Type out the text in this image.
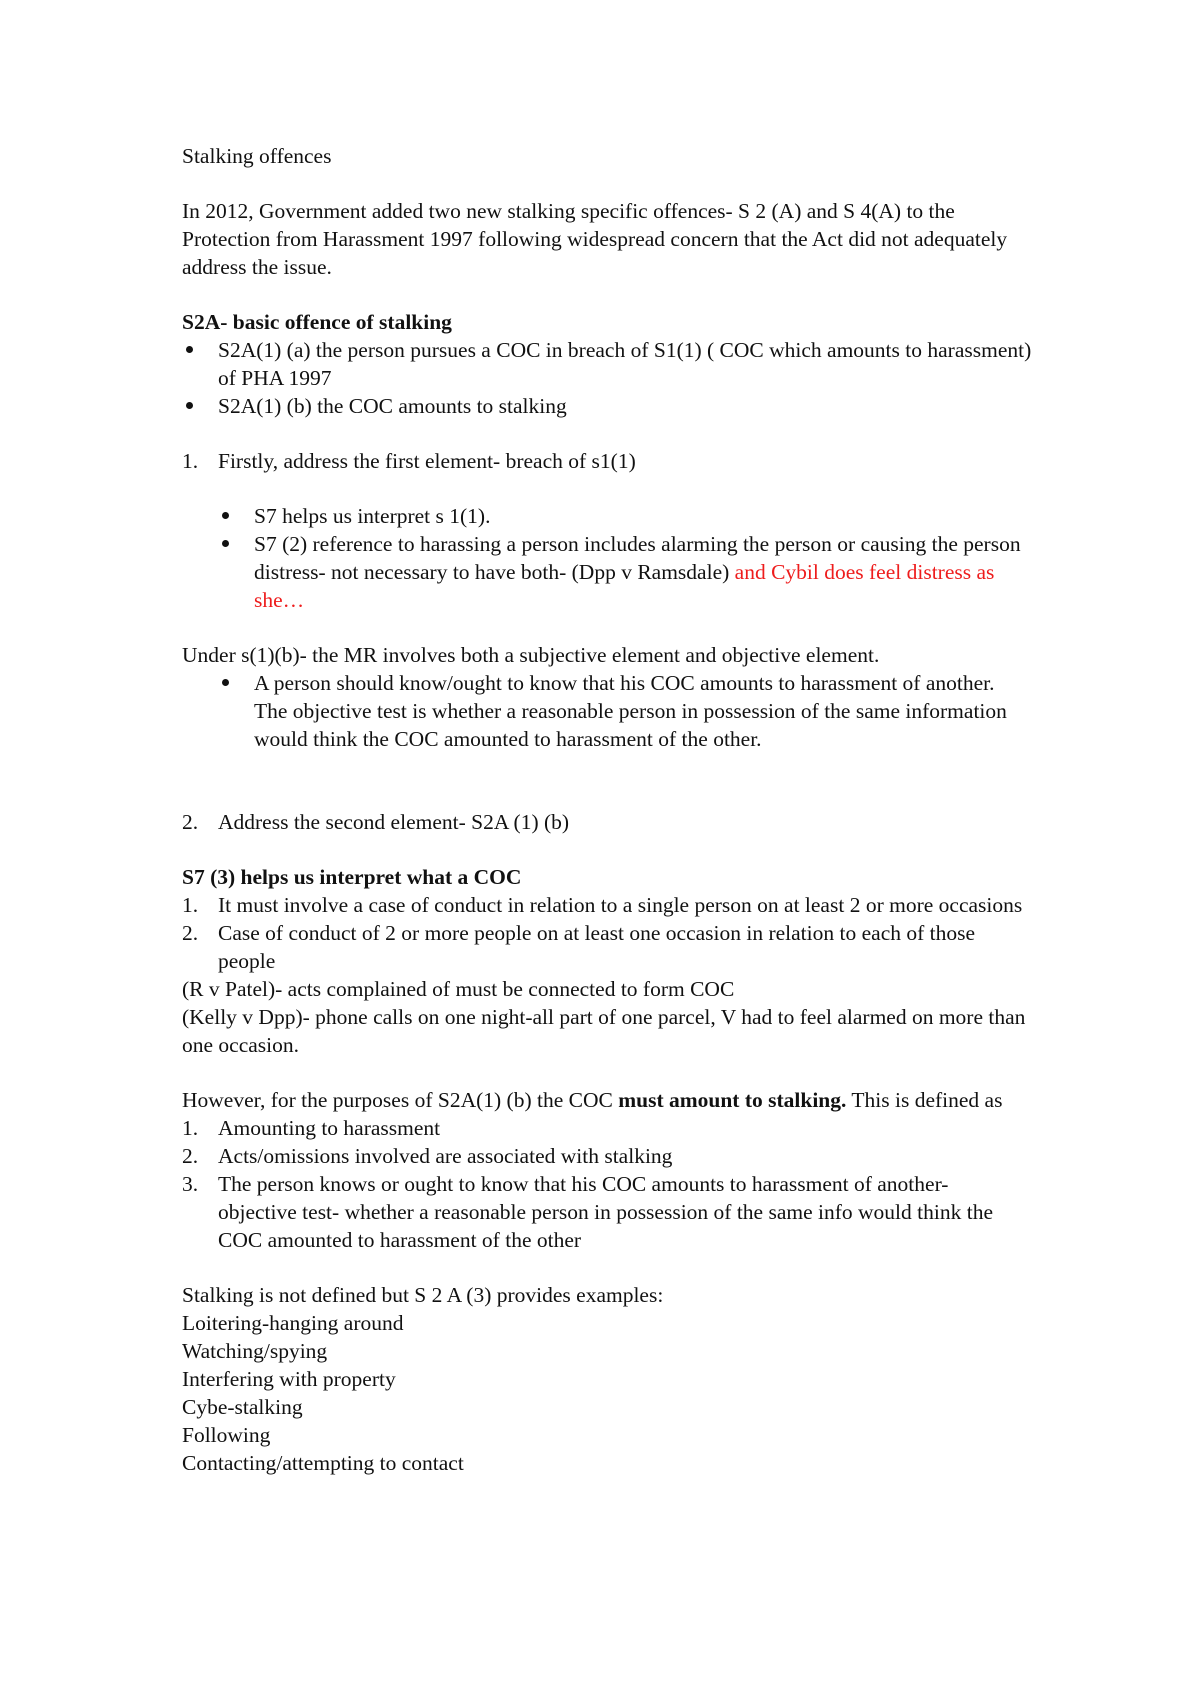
Stalking offences

In 2012, Government added two new stalking specific offences- S 2 (A) and S 4(A) to the Protection from Harassment 1997 following widespread concern that the Act did not adequately address the issue.

S2A- basic offence of stalking

S2A(1) (a) the person pursues a COC in breach of S1(1) ( COC which amounts to harassment) of PHA 1997
S2A(1) (b) the COC amounts to stalking
1. Firstly, address the first element- breach of s1(1)
S7 helps us interpret s 1(1).
S7 (2) reference to harassing a person includes alarming the person or causing the person distress- not necessary to have both- (Dpp v Ramsdale) and Cybil does feel distress as she…

Under s(1)(b)- the MR involves both a subjective element and objective element.

A person should know/ought to know that his COC amounts to harassment of another. The objective test is whether a reasonable person in possession of the same information would think the COC amounted to harassment of the other.
2. Address the second element- S2A (1) (b)

S7 (3) helps us interpret what a COC

1. It must involve a case of conduct in relation to a single person on at least 2 or more occasions
2. Case of conduct of 2 or more people on at least one occasion in relation to each of those people

(R v Patel)- acts complained of must be connected to form COC

(Kelly v Dpp)- phone calls on one night-all part of one parcel, V had to feel alarmed on more than one occasion.

However, for the purposes of S2A(1) (b) the COC must amount to stalking. This is defined as

1. Amounting to harassment
2. Acts/omissions involved are associated with stalking
3. The person knows or ought to know that his COC amounts to harassment of another- objective test- whether a reasonable person in possession of the same info would think the COC amounted to harassment of the other

Stalking is not defined but S 2 A (3) provides examples:

Loitering-hanging around

Watching/spying

Interfering with property

Cybe-stalking

Following

Contacting/attempting to contact
